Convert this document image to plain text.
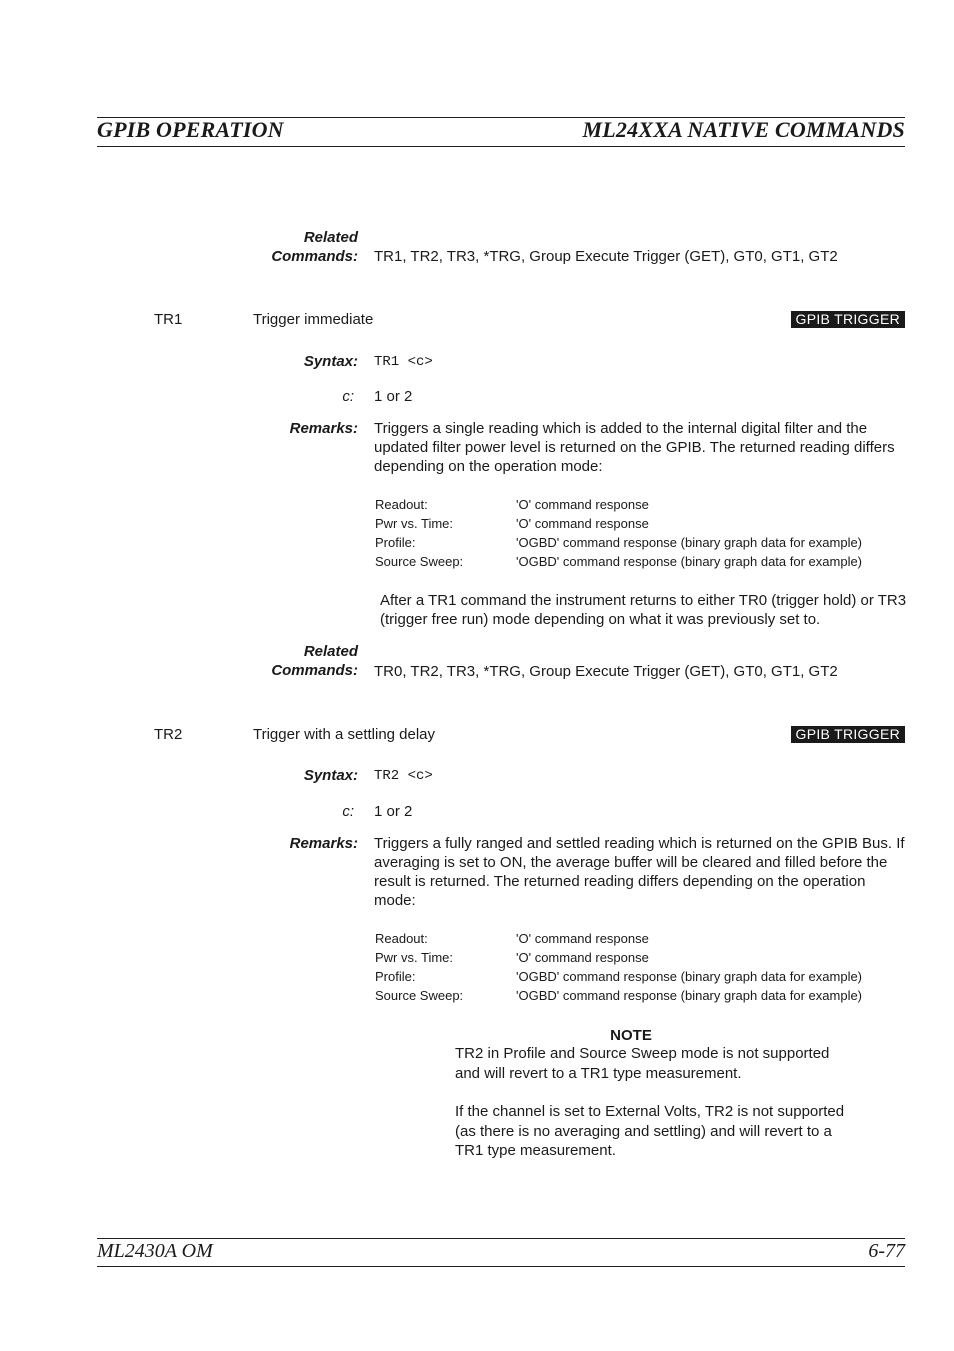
GPIB OPERATION	ML24XXA NATIVE COMMANDS
Related
Commands: TR1, TR2, TR3, *TRG, Group Execute Trigger (GET), GT0, GT1, GT2
TR1	Trigger immediate	GPIB TRIGGER
Syntax: TR1 <c>
c: 1 or 2
Remarks: Triggers a single reading which is added to the internal digital filter and the updated filter power level is returned on the GPIB. The returned reading differs depending on the operation mode:
Readout:	'O' command response
Pwr vs. Time:	'O' command response
Profile:	'OGBD' command response (binary graph data for example)
Source Sweep:	'OGBD' command response (binary graph data for example)
After a TR1 command the instrument returns to either TR0 (trigger hold) or TR3 (trigger free run) mode depending on what it was previously set to.
Related
Commands: TR0, TR2, TR3, *TRG, Group Execute Trigger (GET), GT0, GT1, GT2
TR2	Trigger with a settling delay	GPIB TRIGGER
Syntax: TR2 <c>
c: 1 or 2
Remarks: Triggers a fully ranged and settled reading which is returned on the GPIB Bus. If averaging is set to ON, the average buffer will be cleared and filled before the result is returned. The returned reading differs depending on the operation mode:
Readout:	'O' command response
Pwr vs. Time:	'O' command response
Profile:	'OGBD' command response (binary graph data for example)
Source Sweep:	'OGBD' command response (binary graph data for example)
NOTE
TR2 in Profile and Source Sweep mode is not supported
and will revert to a TR1 type measurement.
If the channel is set to External Volts, TR2 is not supported
(as there is no averaging and settling) and will revert to a
TR1 type measurement.
ML2430A OM	6-77
